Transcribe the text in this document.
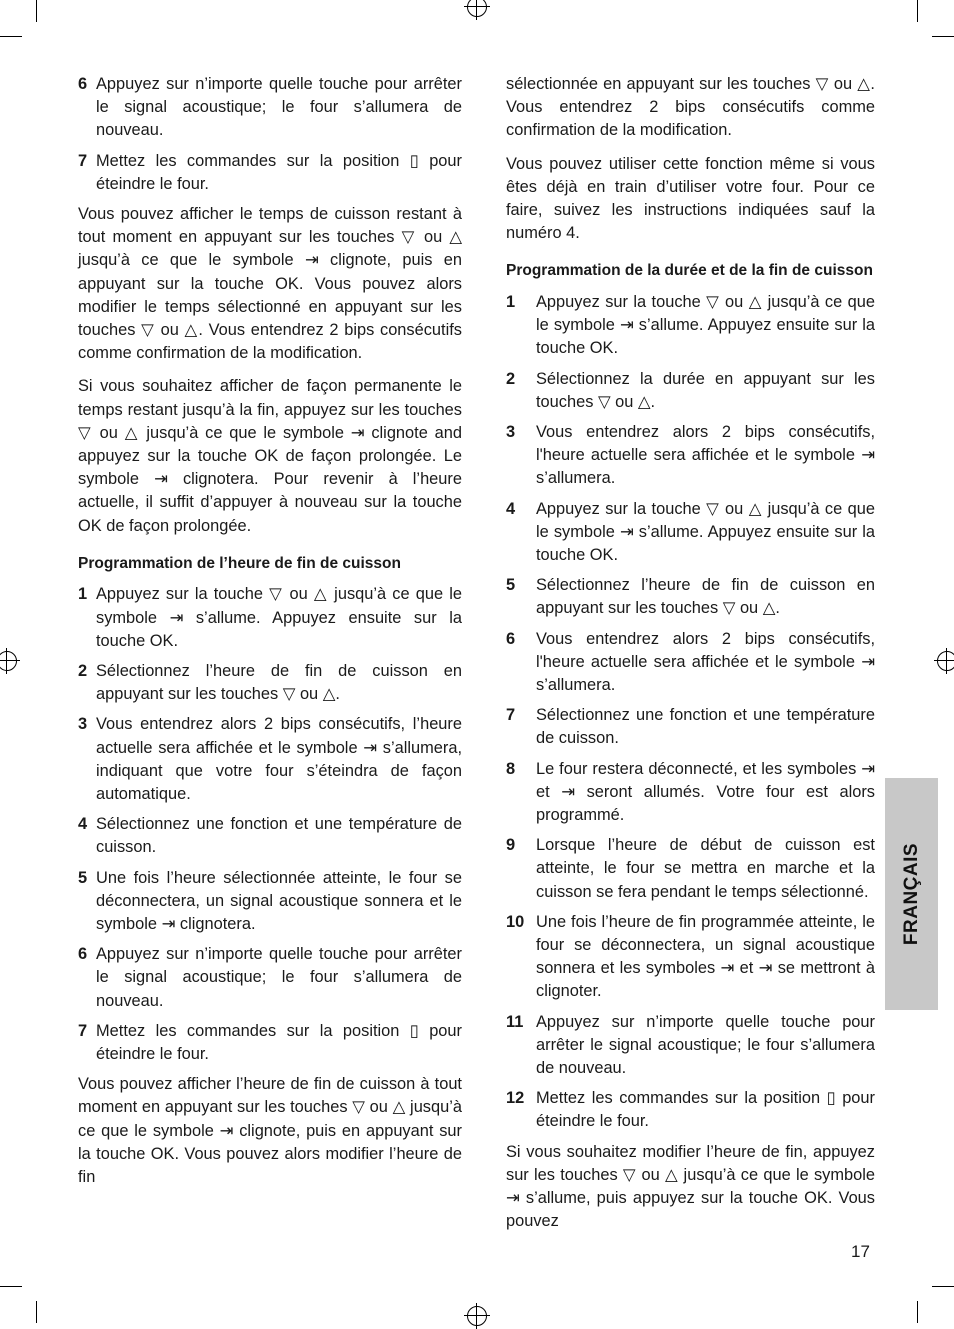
6 Appuyez sur n’importe quelle touche pour arrêter le signal acoustique; le four s’allumera de nouveau.
7 Mettez les commandes sur la position ▯ pour éteindre le four.

Vous pouvez afficher le temps de cuisson restant à tout moment en appuyant sur les touches ▽ ou △ jusqu’à ce que le symbole ⇥ clignote, puis en appuyant sur la touche OK. Vous pouvez alors modifier le temps sélectionné en appuyant sur les touches ▽ ou △. Vous entendrez 2 bips consécutifs comme confirmation de la modification.

Si vous souhaitez afficher de façon permanente le temps restant jusqu’à la fin, appuyez sur les touches ▽ ou △ jusqu’à ce que le symbole ⇥ clignote and appuyez sur la touche OK de façon prolongée. Le symbole ⇥ clignotera. Pour revenir à l’heure actuelle, il suffit d’appuyer à nouveau sur la touche OK de façon prolongée.

Programmation de l’heure de fin de cuisson
1 Appuyez sur la touche ▽ ou △ jusqu’à ce que le symbole ⇥ s’allume. Appuyez ensuite sur la touche OK.
2 Sélectionnez l’heure de fin de cuisson en appuyant sur les touches ▽ ou △.
3 Vous entendrez alors 2 bips consécutifs, l’heure actuelle sera affichée et le symbole ⇥ s’allumera, indiquant que votre four s’éteindra de façon automatique.
4 Sélectionnez une fonction et une température de cuisson.
5 Une fois l’heure sélectionnée atteinte, le four se déconnectera, un signal acoustique sonnera et le symbole ⇥ clignotera.
6 Appuyez sur n’importe quelle touche pour arrêter le signal acoustique; le four s’allumera de nouveau.
7 Mettez les commandes sur la position ▯ pour éteindre le four.

Vous pouvez afficher l’heure de fin de cuisson à tout moment en appuyant sur les touches ▽ ou △ jusqu’à ce que le symbole ⇥ clignote, puis en appuyant sur la touche OK. Vous pouvez alors modifier l’heure de fin

sélectionnée en appuyant sur les touches ▽ ou △. Vous entendrez 2 bips consécutifs comme confirmation de la modification.

Vous pouvez utiliser cette fonction même si vous êtes déjà en train d’utiliser votre four. Pour ce faire, suivez les instructions indiquées sauf la numéro 4.

Programmation de la durée et de la fin de cuisson
1	Appuyez sur la touche ▽ ou △ jusqu’à ce que le symbole ⇥ s’allume. Appuyez ensuite sur la touche OK.
2	Sélectionnez la durée en appuyant sur les touches ▽ ou △.
3	Vous entendrez alors 2 bips consécutifs, l'heure actuelle sera affichée et le symbole ⇥ s’allumera.
4	Appuyez sur la touche ▽ ou △ jusqu’à ce que le symbole ⇥ s’allume. Appuyez ensuite sur la touche OK.
5	Sélectionnez l’heure de fin de cuisson en appuyant sur les touches ▽ ou △.
6	Vous entendrez alors 2 bips consécutifs, l'heure actuelle sera affichée et le symbole ⇥ s’allumera.
7	Sélectionnez une fonction et une température de cuisson.
8	Le four restera déconnecté, et les symboles ⇥ et ⇥ seront allumés. Votre four est alors programmé.
9	Lorsque l’heure de début de cuisson est atteinte, le four se mettra en marche et la cuisson se fera pendant le temps sélectionné.
10 Une fois l’heure de fin programmée atteinte, le four se déconnectera, un signal acoustique sonnera et les symboles ⇥ et ⇥ se mettront à clignoter.
11 Appuyez sur n’importe quelle touche pour arrêter le signal acoustique; le four s’allumera de nouveau.
12 Mettez les commandes sur la position ▯ pour éteindre le four.

Si vous souhaitez modifier l’heure de fin, appuyez sur les touches ▽ ou △ jusqu’à ce que le symbole ⇥ s’allume, puis appuyez sur la touche OK. Vous pouvez

FRANÇAIS
17
